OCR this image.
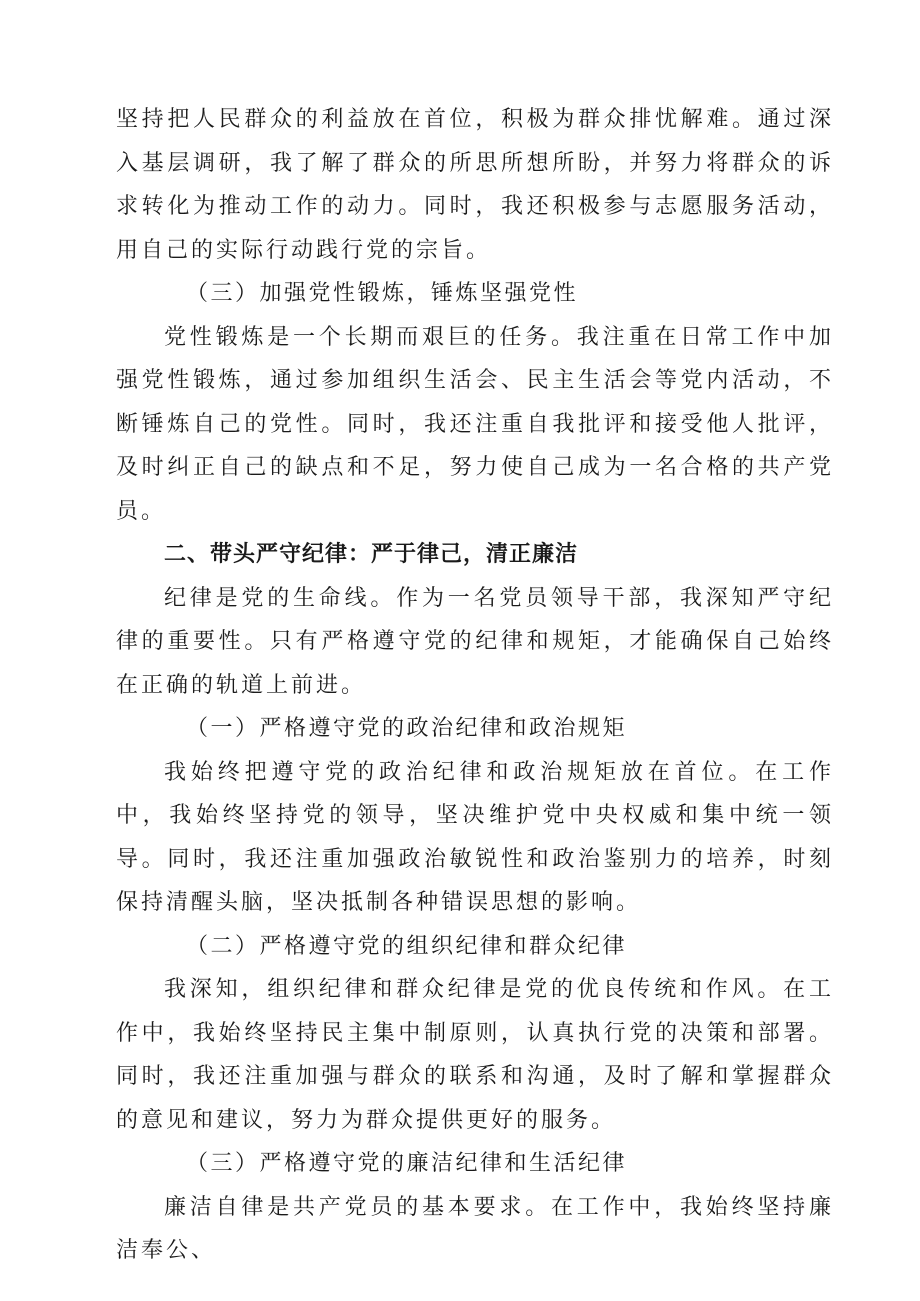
坚持把人民群众的利益放在首位，积极为群众排忧解难。通过深入基层调研，我了解了群众的所思所想所盼，并努力将群众的诉求转化为推动工作的动力。同时，我还积极参与志愿服务活动，用自己的实际行动践行党的宗旨。

（三）加强党性锻炼，锤炼坚强党性

党性锻炼是一个长期而艰巨的任务。我注重在日常工作中加强党性锻炼，通过参加组织生活会、民主生活会等党内活动，不断锤炼自己的党性。同时，我还注重自我批评和接受他人批评，及时纠正自己的缺点和不足，努力使自己成为一名合格的共产党员。

二、带头严守纪律：严于律己，清正廉洁

纪律是党的生命线。作为一名党员领导干部，我深知严守纪律的重要性。只有严格遵守党的纪律和规矩，才能确保自己始终在正确的轨道上前进。

（一）严格遵守党的政治纪律和政治规矩

我始终把遵守党的政治纪律和政治规矩放在首位。在工作中，我始终坚持党的领导，坚决维护党中央权威和集中统一领导。同时，我还注重加强政治敏锐性和政治鉴别力的培养，时刻保持清醒头脑，坚决抵制各种错误思想的影响。

（二）严格遵守党的组织纪律和群众纪律

我深知，组织纪律和群众纪律是党的优良传统和作风。在工作中，我始终坚持民主集中制原则，认真执行党的决策和部署。同时，我还注重加强与群众的联系和沟通，及时了解和掌握群众的意见和建议，努力为群众提供更好的服务。

（三）严格遵守党的廉洁纪律和生活纪律

廉洁自律是共产党员的基本要求。在工作中，我始终坚持廉洁奉公、
